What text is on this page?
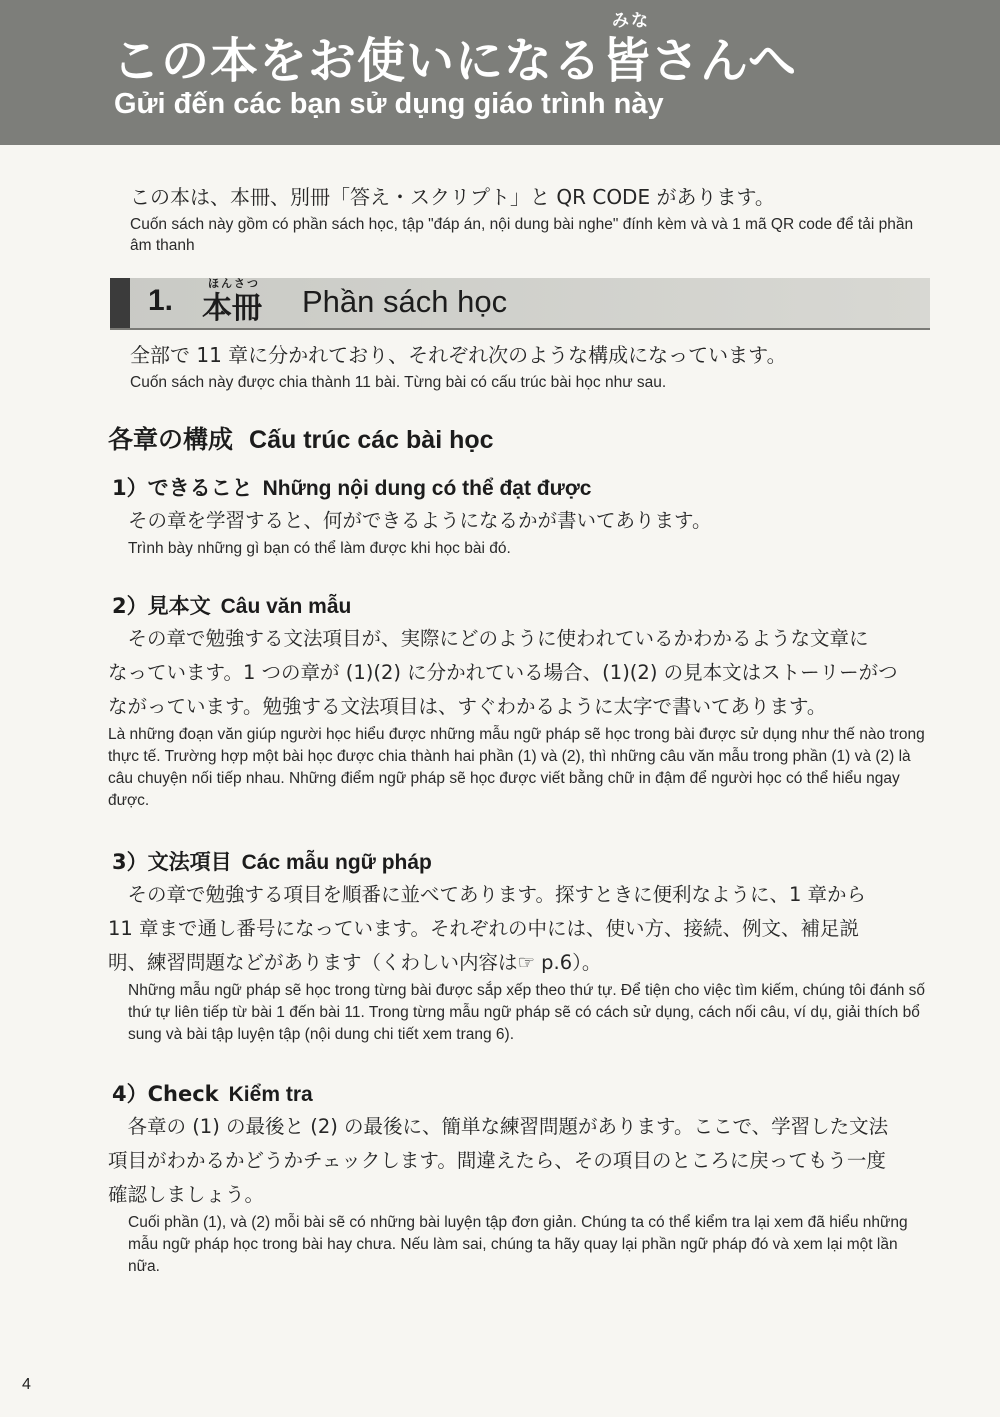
この本をお使いになる皆さんへ
みな
Gửi đến các bạn sử dụng giáo trình này
この本は、本冊、別冊「答え・スクリプト」と QR CODE があります。
Cuốn sách này gồm có phần sách học, tập "đáp án, nội dung bài nghe" đính kèm và và 1 mã QR code để tải phần âm thanh
1.
ほんさつ
本冊 Phần sách học
全部で 11 章に分かれており、それぞれ次のような構成になっています。
Cuốn sách này được chia thành 11 bài. Từng bài có cấu trúc bài học như sau.
各章の構成 Cấu trúc các bài học
1）できること Những nội dung có thể đạt được
その章を学習すると、何ができるようになるかが書いてあります。
Trình bày những gì bạn có thể làm được khi học bài đó.
2）見本文 Câu văn mẫu
　その章で勉強する文法項目が、実際にどのように使われているかわかるような文章に
なっています。1 つの章が (1)(2) に分かれている場合、(1)(2) の見本文はストーリーがつ
ながっています。勉強する文法項目は、すぐわかるように太字で書いてあります。
Là những đoạn văn giúp người học hiểu được những mẫu ngữ pháp sẽ học trong bài được sử dụng như thế nào trong thực tế. Trường hợp một bài học được chia thành hai phần (1) và (2), thì những câu văn mẫu trong phần (1) và (2) là câu chuyện nối tiếp nhau. Những điểm ngữ pháp sẽ học được viết bằng chữ in đậm để người học có thể hiểu ngay được.
3）文法項目 Các mẫu ngữ pháp
　その章で勉強する項目を順番に並べてあります。探すときに便利なように、1 章から
11 章まで通し番号になっています。それぞれの中には、使い方、接続、例文、補足説
明、練習問題などがあります（くわしい内容は☞ p.6）。
Những mẫu ngữ pháp sẽ học trong từng bài được sắp xếp theo thứ tự. Để tiện cho việc tìm kiếm, chúng tôi đánh số thứ tự liên tiếp từ bài 1 đến bài 11. Trong từng mẫu ngữ pháp sẽ có cách sử dụng, cách nối câu, ví dụ, giải thích bổ sung và bài tập luyện tập (nội dung chi tiết xem trang 6).
4）Check Kiểm tra
　各章の (1) の最後と (2) の最後に、簡単な練習問題があります。ここで、学習した文法
項目がわかるかどうかチェックします。間違えたら、その項目のところに戻ってもう一度
確認しましょう。
Cuối phần (1), và (2) mỗi bài sẽ có những bài luyện tập đơn giản. Chúng ta có thể kiểm tra lại xem đã hiểu những mẫu ngữ pháp học trong bài hay chưa. Nếu làm sai, chúng ta hãy quay lại phần ngữ pháp đó và xem lại một lần nữa.
4
